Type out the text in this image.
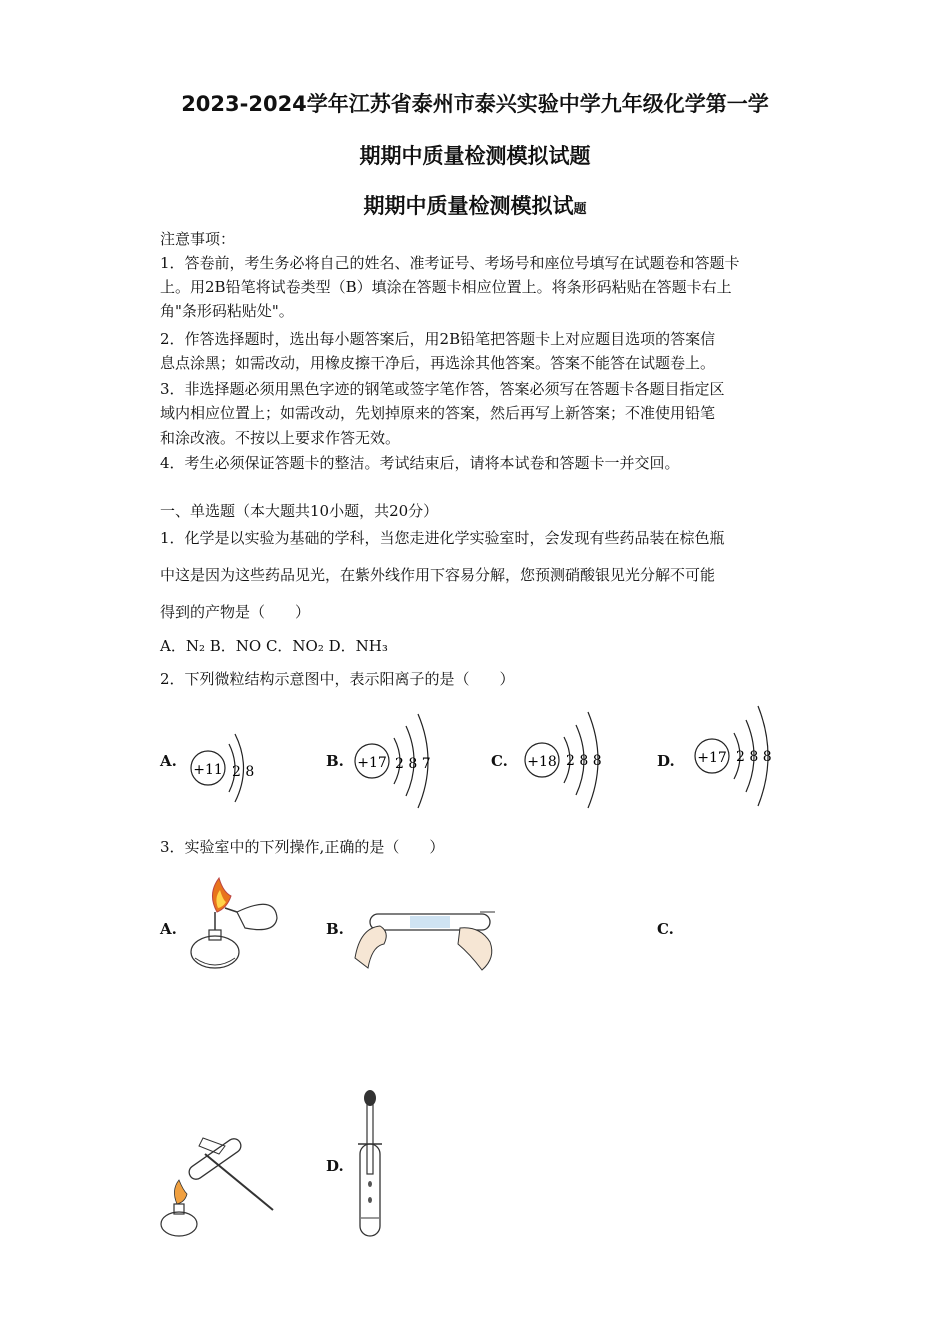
2023-2024学年江苏省泰州市泰兴实验中学九年级化学第一学
期期中质量检测模拟试题
期期中质量检测模拟试题
注意事项：
1．答卷前，考生务必将自己的姓名、准考证号、考场号和座位号填写在试题卷和答题卡
上。用2B铅笔将试卷类型（B）填涂在答题卡相应位置上。将条形码粘贴在答题卡右上
角"条形码粘贴处"。
2．作答选择题时，选出每小题答案后，用2B铅笔把答题卡上对应题目选项的答案信
息点涂黑；如需改动，用橡皮擦干净后，再选涂其他答案。答案不能答在试题卷上。
3．非选择题必须用黑色字迹的钢笔或签字笔作答，答案必须写在答题卡各题目指定区
域内相应位置上；如需改动，先划掉原来的答案，然后再写上新答案；不准使用铅笔
和涂改液。不按以上要求作答无效。
4．考生必须保证答题卡的整洁。考试结束后，请将本试卷和答题卡一并交回。
一、单选题（本大题共10小题，共20分）
1．化学是以实验为基础的学科，当您走进化学实验室时，会发现有些药品装在棕色瓶
中这是因为这些药品见光，在紫外线作用下容易分解，您预测硝酸银见光分解不可能
得到的产物是（　　）
A．N₂ B．NO C．NO₂ D．NH₃
2．下列微粒结构示意图中，表示阳离子的是（　　）
A. +11 2 8
B. +17 2 8 7	C. +18 2 8 8	D. +17 2 8 8
3．实验室中的下列操作,正确的是（　　）
A.	B.	C.
D.
